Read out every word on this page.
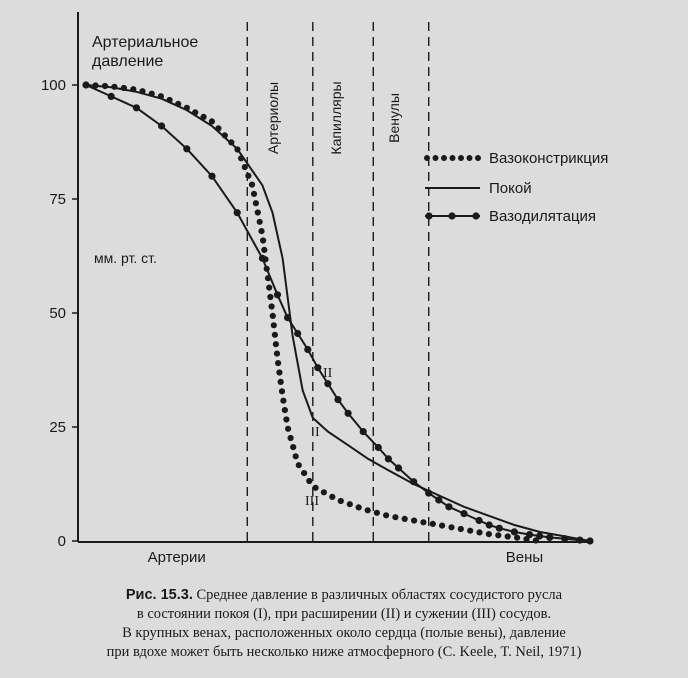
Артериальное
давление
100
75
50
25
0
мм. рт. ст.
Артериолы	Капилляры	Венулы
Артерии	Вены
II
I
III
Вазоконстрикция
Покой
Вазодилятация
Рис. 15.3. Среднее давление в различных областях сосудистого русла
в состоянии покоя (I), при расширении (II) и сужении (III) сосудов.
В крупных венах, расположенных около сердца (полые вены), давление
при вдохе может быть несколько ниже атмосферного (C. Keele, T. Neil, 1971)
